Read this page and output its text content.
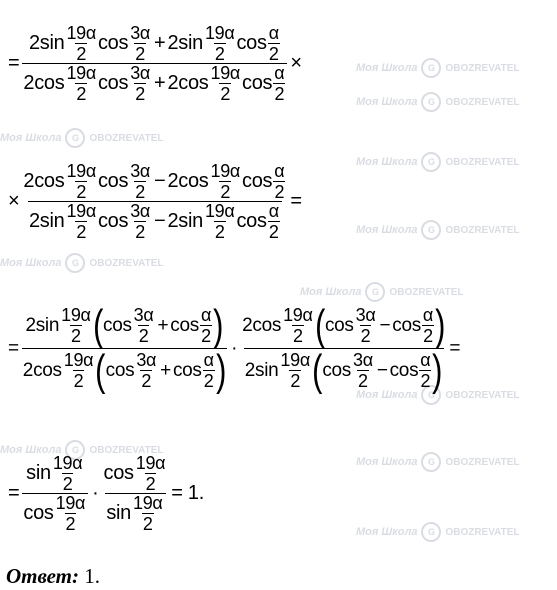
Моя Школа	G	OBOZREVATEL
Моя Школа	G	OBOZREVATEL
Моя Школа	G	OBOZREVATEL
Моя Школа	G	OBOZREVATEL
Моя Школа	G	OBOZREVATEL
Моя Школа	G	OBOZREVATEL
Моя Школа	G	OBOZREVATEL
Моя Школа	G	OBOZREVATEL
Моя Школа	G	OBOZREVATEL
Моя Школа	G	OBOZREVATEL
Моя Школа	G	OBOZREVATEL
=
2 $\sin \frac{19\alpha}{2}$ $\cos \frac{3\alpha}{2} + 2$ $\sin \frac{19\alpha}{2}$ $\cos \frac{\alpha}{2}$
2 $\cos \frac{19\alpha}{2}$ $\cos \frac{3\alpha}{2} + 2$ $\cos \frac{19\alpha}{2}$ $\cos \frac{\alpha}{2}$
×
×
2 $\cos \frac{19\alpha}{2}$ $\cos \frac{3\alpha}{2} - 2$ $\cos \frac{19\alpha}{2}$ $\cos \frac{\alpha}{2}$
2 $\sin \frac{19\alpha}{2}$ $\cos \frac{3\alpha}{2} - 2$ $\sin \frac{19\alpha}{2}$ $\cos \frac{\alpha}{2}$
=
=
2 $\sin \frac{19\alpha}{2}$ ( $\cos \frac{3\alpha}{2} + \cos \frac{\alpha}{2}$ )
2 $\cos \frac{19\alpha}{2}$ ( $\cos \frac{3\alpha}{2} + \cos \frac{\alpha}{2}$ ) ·
2 $\cos \frac{19\alpha}{2}$ ( $\cos \frac{3\alpha}{2} - \cos \frac{\alpha}{2}$ )
2 $\sin \frac{19\alpha}{2}$ ( $\cos \frac{3\alpha}{2} - \cos \frac{\alpha}{2}$ ) =
= $\frac{\sin \frac{19\alpha}{2}}{\cos \frac{19\alpha}{2}} \cdot \frac{\cos \frac{19\alpha}{2}}{\sin \frac{19\alpha}{2}} = 1$.
Ответ: 1.
